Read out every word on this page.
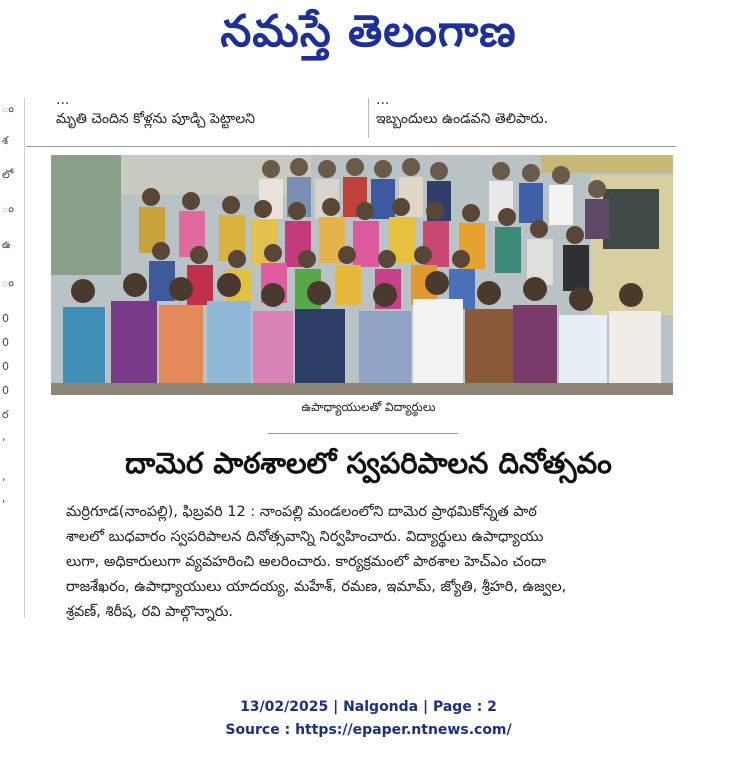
నమస్తే తెలంగాణ
ం
శ
లో
ం
ఉ
ం
0
0
0
0
ర
,
,
'
...
మృతి చెందిన కోళ్లను పూడ్చి పెట్టాలని
...
ఇబ్బందులు ఉండవని తెలిపారు.
ఉపాధ్యాయులతో విద్యార్థులు
దామెర పాఠశాలలో స్వపరిపాలన దినోత్సవం
మర్రిగూడ(నాంపల్లి), ఫిబ్రవరి 12 : నాంపల్లి మండలంలోని దామెర ప్రాథమికోన్నత పాఠ
శాలలో బుధవారం స్వపరిపాలన దినోత్సవాన్ని నిర్వహించారు. విద్యార్థులు ఉపాధ్యాయు
లుగా, అధికారులుగా వ్యవహరించి అలరించారు. కార్యక్రమంలో పాఠశాల హెచ్ఎం చందా
రాజశేఖరం, ఉపాధ్యాయులు యాదయ్య, మహేశ్, రమణ, ఇమామ్, జ్యోతి, శ్రీహరి, ఉజ్వల,
శ్రవణ్, శిరీష, రవి పాల్గొన్నారు.
13/02/2025 | Nalgonda | Page : 2
Source : https://epaper.ntnews.com/
